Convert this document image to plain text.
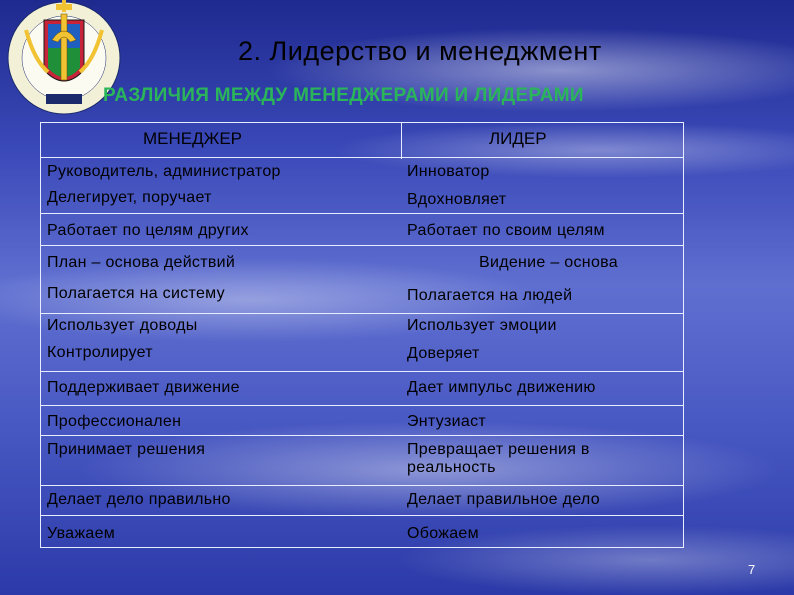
2. Лидерство и менеджмент
РАЗЛИЧИЯ МЕЖДУ МЕНЕДЖЕРАМИ И ЛИДЕРАМИ
МЕНЕДЖЕР	ЛИДЕР
Руководитель, администратор	Инноватор
Делегирует, поручает	Вдохновляет
Работает по целям других	Работает по своим целям
План – основа действий	Видение – основа
Полагается на систему	Полагается на людей
Использует доводы	Использует эмоции
Контролирует	Доверяет
Поддерживает движение	Дает импульс движению
Профессионален	Энтузиаст
Принимает решения	Превращает решения в реальность
Делает дело правильно	Делает правильное дело
Уважаем	Обожаем
7
